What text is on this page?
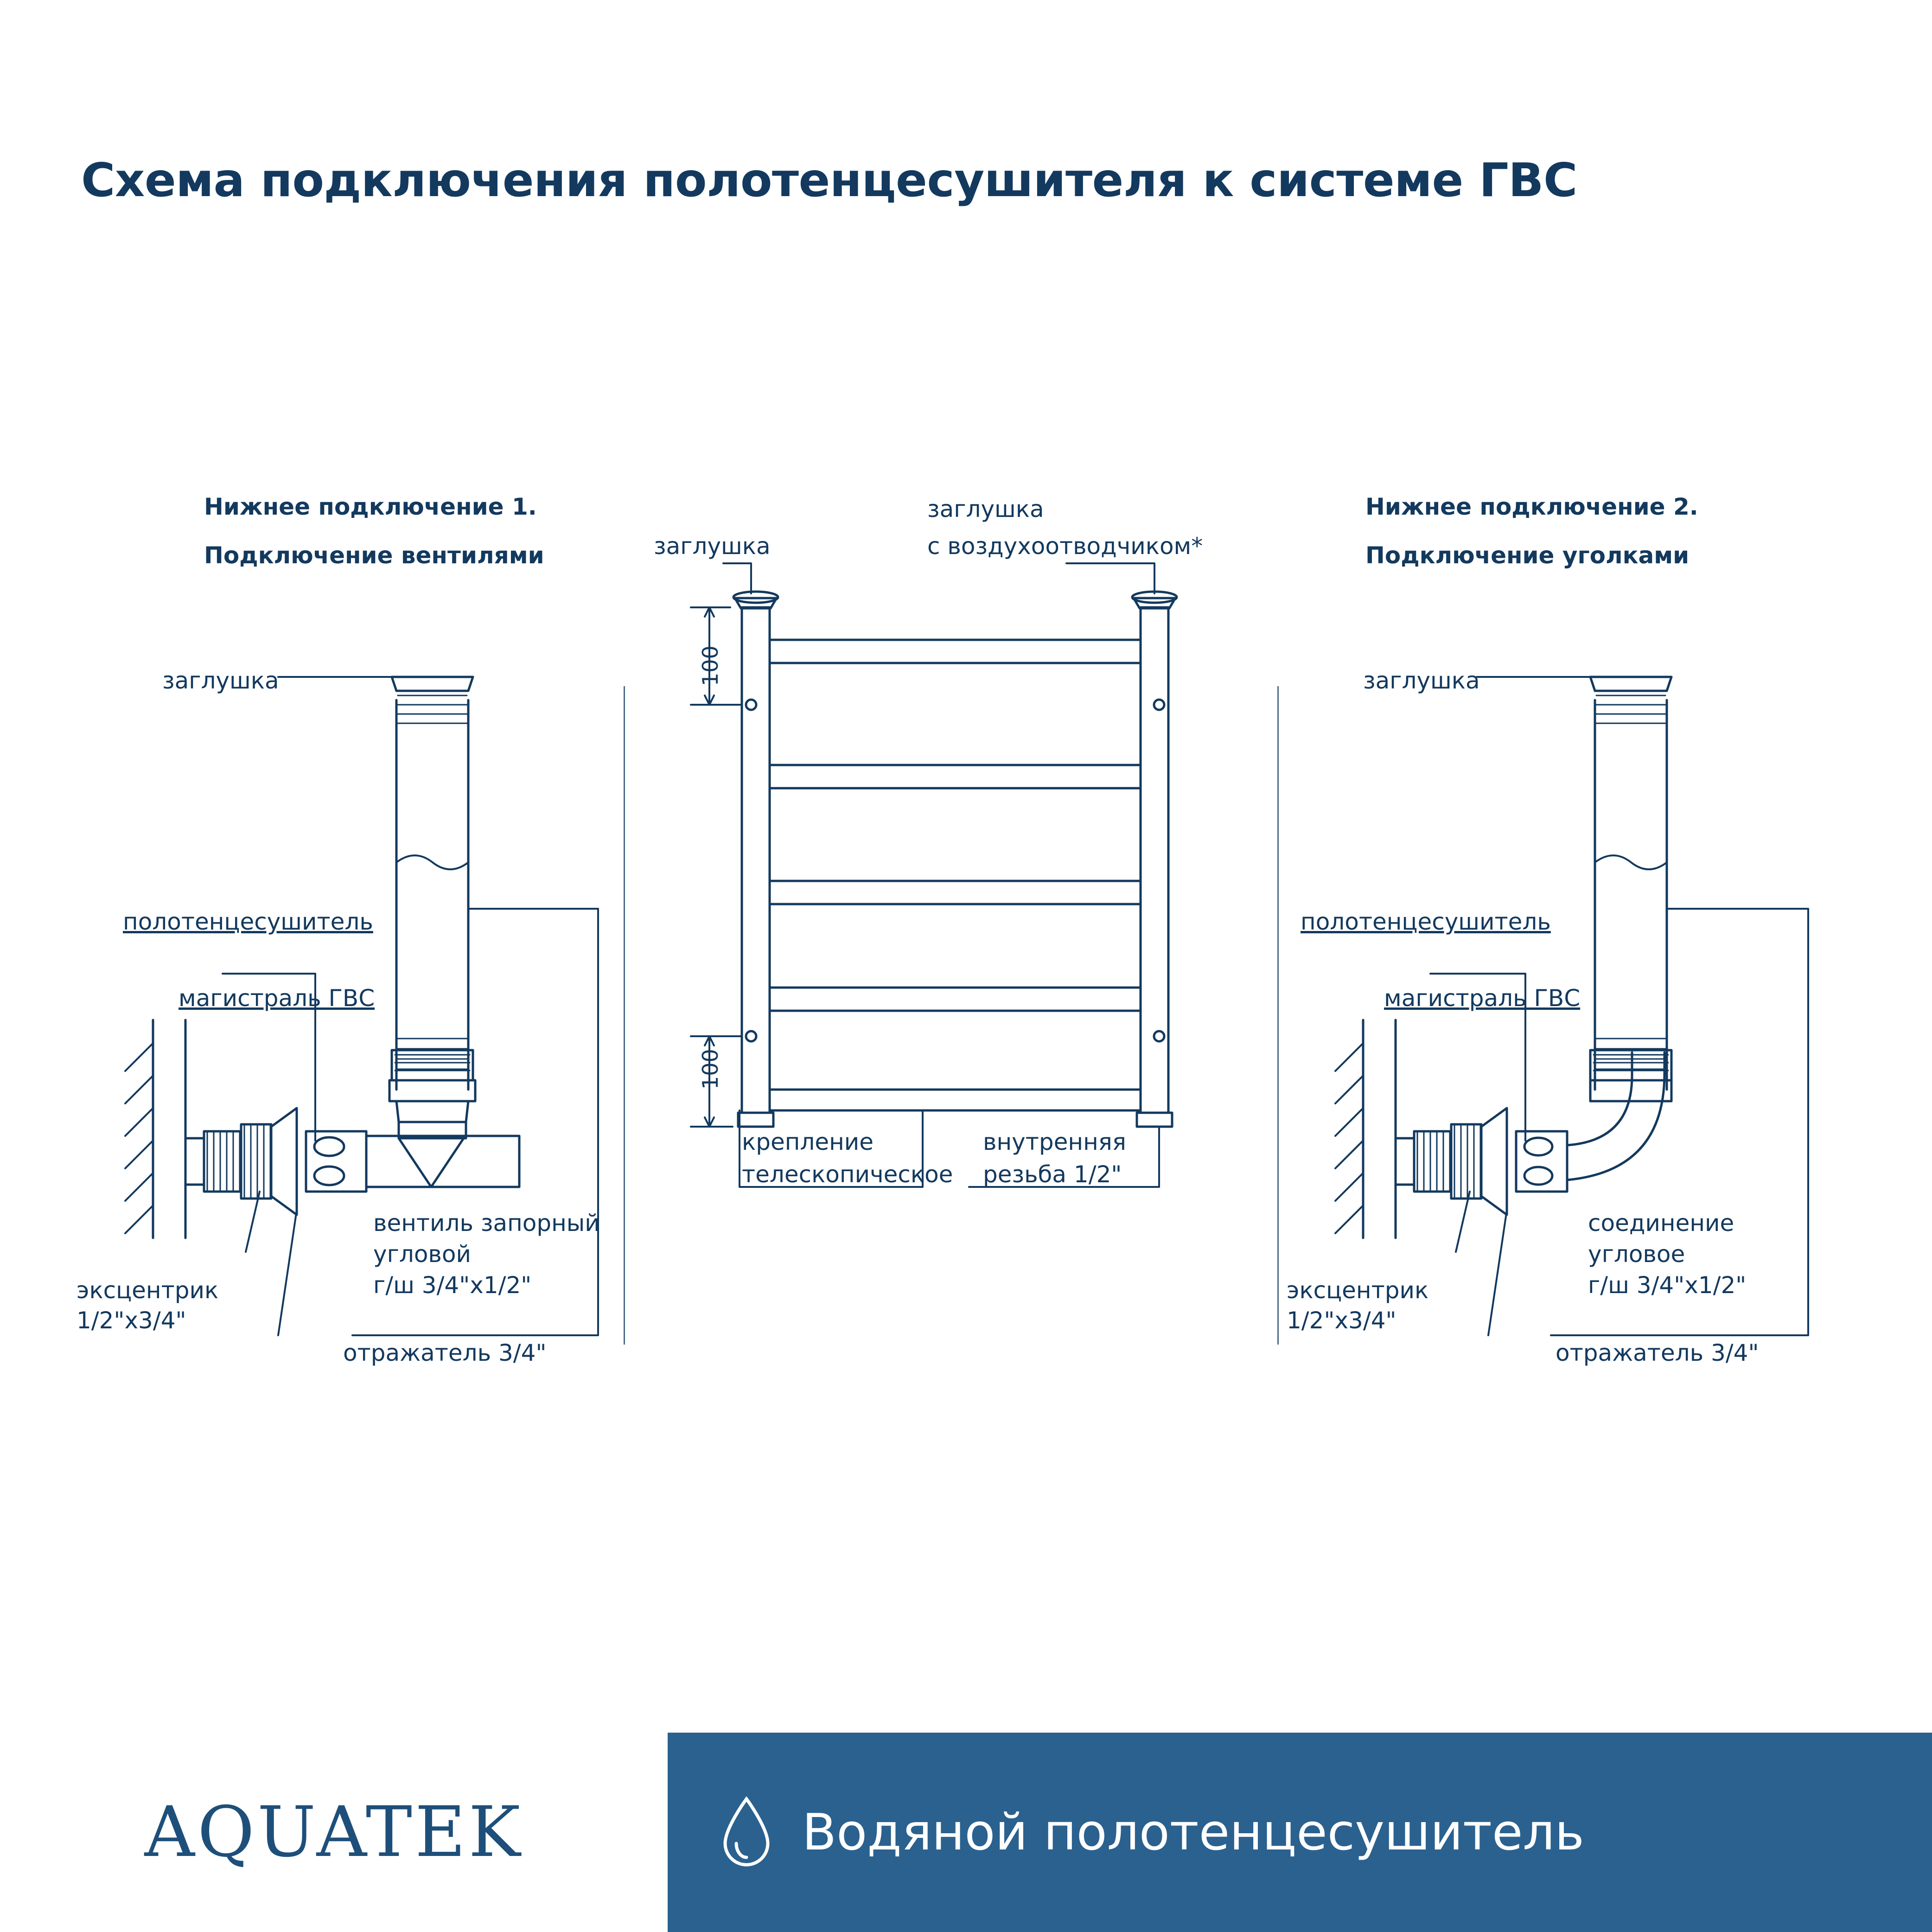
Схема подключения полотенцесушителя к системе ГВС
Нижнее подключение 1.
Подключение вентилями
заглушка
полотенцесушитель
магистраль ГВС
эксцентрик
1/2"х3/4"
отражатель 3/4"
вентиль запорный
угловой
г/ш 3/4"х1/2"
заглушка
заглушка
с воздухоотводчиком*
крепление
телескопическое
внутренняя
резьба 1/2"
100
100
Нижнее подключение 2.
Подключение уголками
заглушка
полотенцесушитель
магистраль ГВС
эксцентрик
1/2"х3/4"
отражатель 3/4"
соединение
угловое
г/ш 3/4"х1/2"
AQUATEK	Водяной полотенцесушитель
